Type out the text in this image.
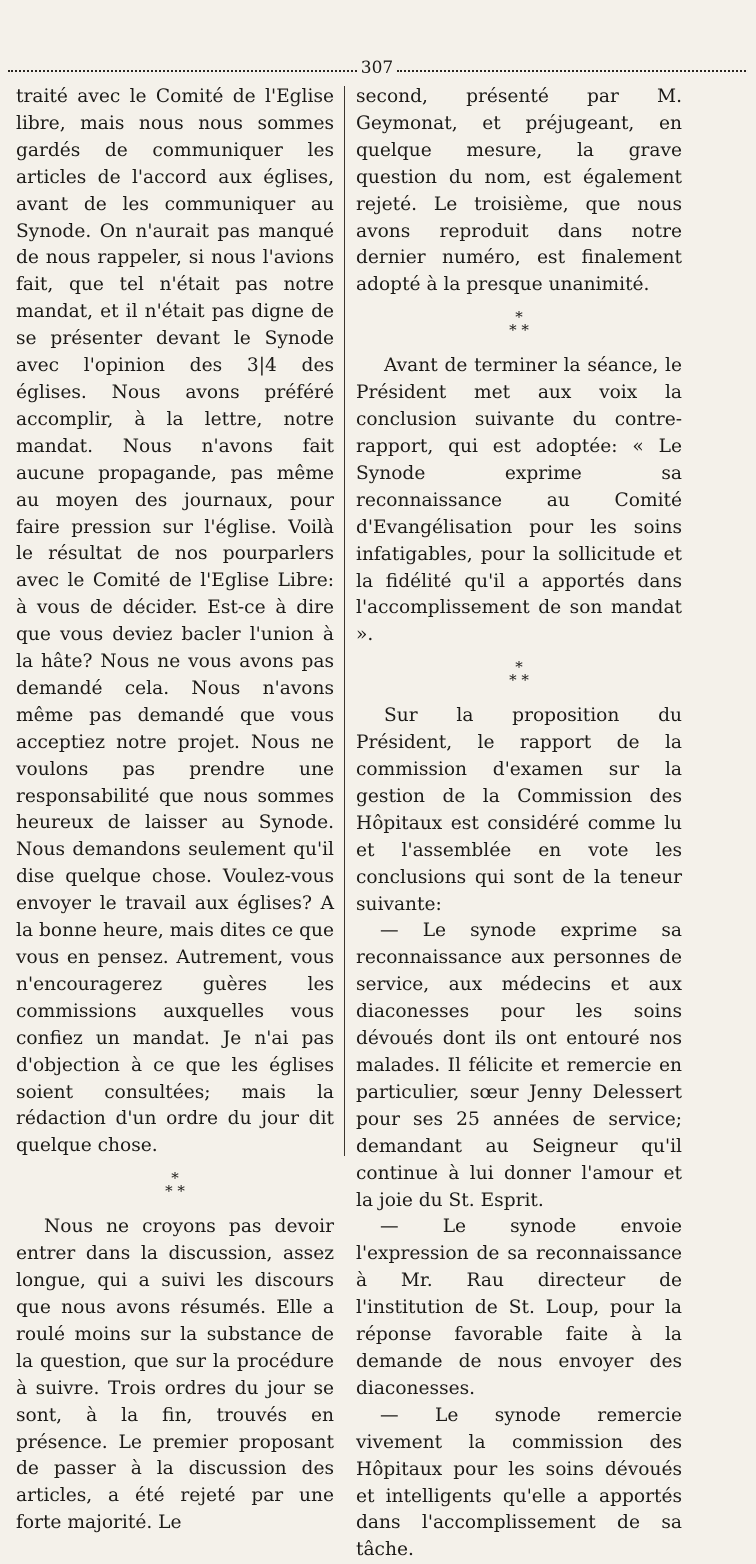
307

traité avec le Comité de l'Eglise libre, mais nous nous sommes gardés de communiquer les articles de l'accord aux églises, avant de les communiquer au Synode. On n'aurait pas manqué de nous rappeler, si nous l'avions fait, que tel n'était pas notre mandat, et il n'était pas digne de se présenter devant le Synode avec l'opinion des 3|4 des églises. Nous avons préféré accomplir, à la lettre, notre mandat. Nous n'avons fait aucune propagande, pas même au moyen des journaux, pour faire pression sur l'église. Voilà le résultat de nos pourparlers avec le Comité de l'Eglise Libre: à vous de décider. Est-ce à dire que vous deviez bacler l'union à la hâte? Nous ne vous avons pas demandé cela. Nous n'avons même pas demandé que vous acceptiez notre projet. Nous ne voulons pas prendre une responsabilité que nous sommes heureux de laisser au Synode. Nous demandons seulement qu'il dise quelque chose. Voulez-vous envoyer le travail aux églises? A la bonne heure, mais dites ce que vous en pensez. Autrement, vous n'encouragerez guères les commissions auxquelles vous confiez un mandat. Je n'ai pas d'objection à ce que les églises soient consultées; mais la rédaction d'un ordre du jour dit quelque chose.

*
* *

Nous ne croyons pas devoir entrer dans la discussion, assez longue, qui a suivi les discours que nous avons résumés. Elle a roulé moins sur la substance de la question, que sur la procédure à suivre. Trois ordres du jour se sont, à la fin, trouvés en présence. Le premier proposant de passer à la discussion des articles, a été rejeté par une forte majorité. Le

second, présenté par M. Geymonat, et préjugeant, en quelque mesure, la grave question du nom, est également rejeté. Le troisième, que nous avons reproduit dans notre dernier numéro, est finalement adopté à la presque unanimité.

*
* *

Avant de terminer la séance, le Président met aux voix la conclusion suivante du contre-rapport, qui est adoptée: « Le Synode exprime sa reconnaissance au Comité d'Evangélisation pour les soins infatigables, pour la sollicitude et la fidélité qu'il a apportés dans l'accomplissement de son mandat ».

*
* *

Sur la proposition du Président, le rapport de la commission d'examen sur la gestion de la Commission des Hôpitaux est considéré comme lu et l'assemblée en vote les conclusions qui sont de la teneur suivante:

— Le synode exprime sa reconnaissance aux personnes de service, aux médecins et aux diaconesses pour les soins dévoués dont ils ont entouré nos malades. Il félicite et remercie en particulier, sœur Jenny Delessert pour ses 25 années de service; demandant au Seigneur qu'il continue à lui donner l'amour et la joie du St. Esprit.

— Le synode envoie l'expression de sa reconnaissance à Mr. Rau directeur de l'institution de St. Loup, pour la réponse favorable faite à la demande de nous envoyer des diaconesses.

— Le synode remercie vivement la commission des Hôpitaux pour les soins dévoués et intelligents qu'elle a apportés dans l'accomplissement de sa tâche.
